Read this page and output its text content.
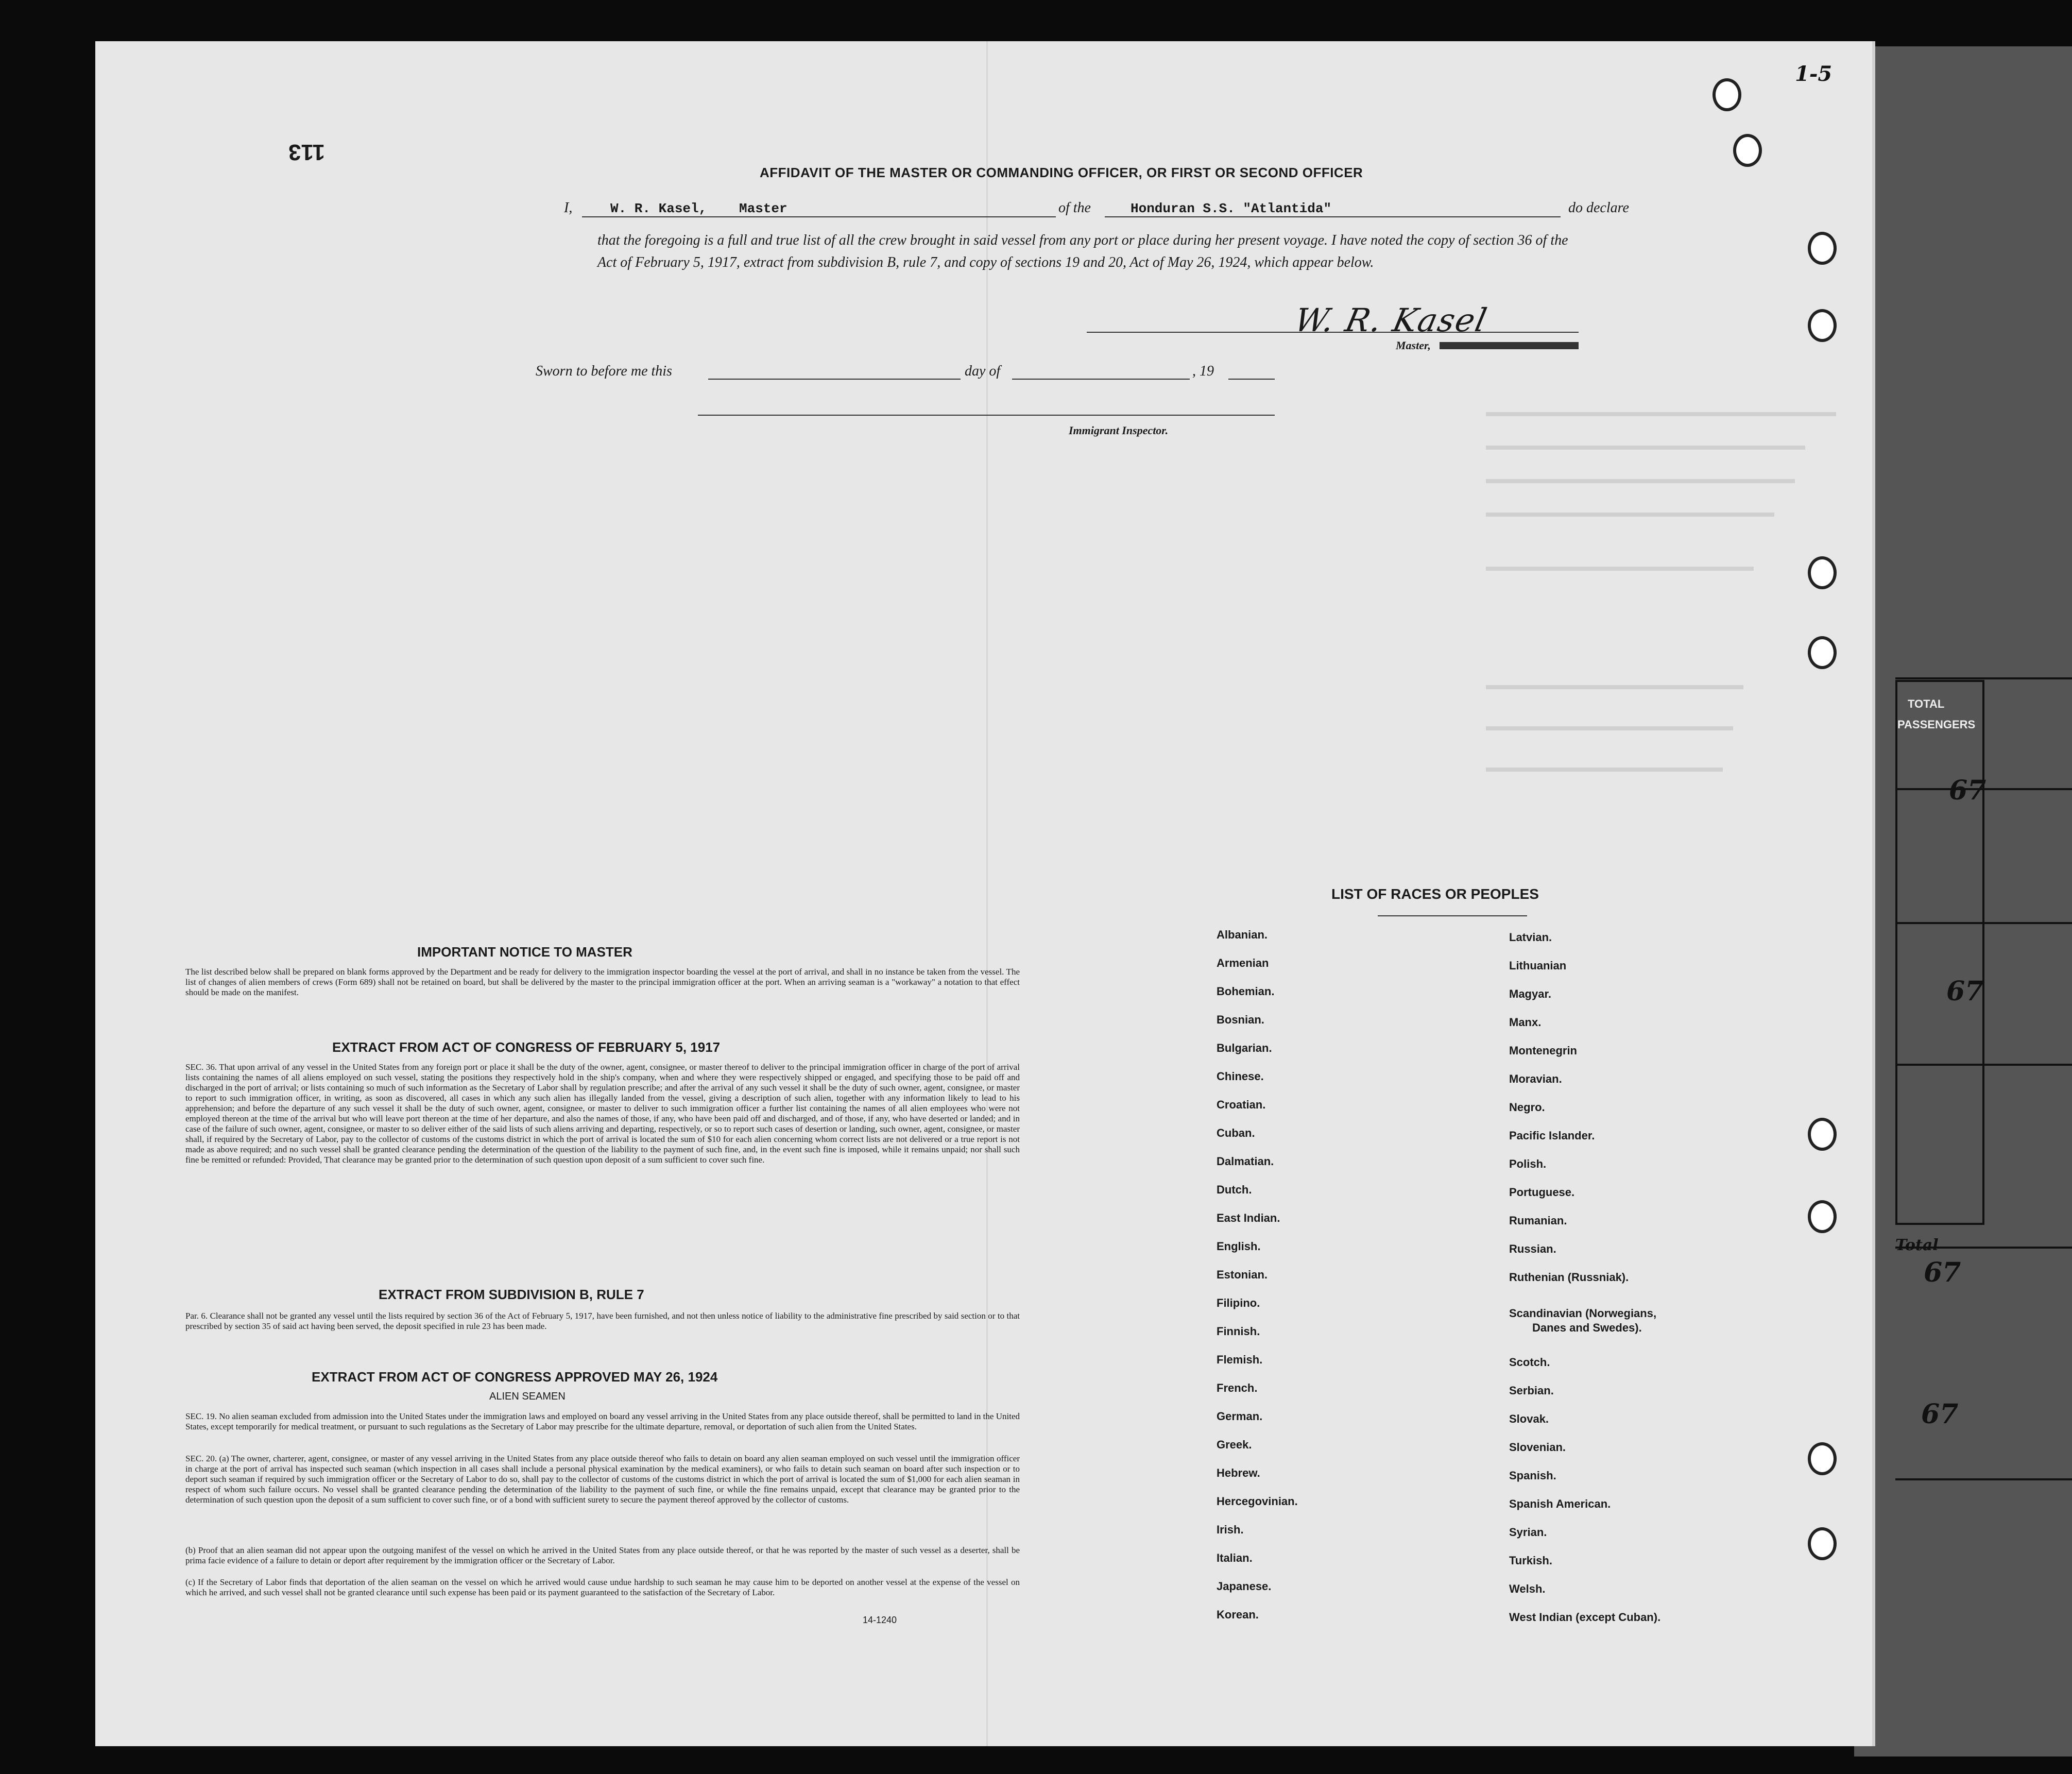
TOTAL
PASSENGERS
67
67
Total
67
67
1-5
113
AFFIDAVIT OF THE MASTER OR COMMANDING OFFICER, OR FIRST OR SECOND OFFICER
I,	W. R. Kasel, Master	of the	Honduran S.S. "Atlantida"	do declare
that the foregoing is a full and true list of all the crew brought in said vessel from any port or place during her present voyage. I have noted the copy of section 36 of the Act of February 5, 1917, extract from subdivision B, rule 7, and copy of sections 19 and 20, Act of May 26, 1924, which appear below.
W. R. Kasel
Master,
Sworn to before me this	day of	, 19
Immigrant Inspector.
IMPORTANT NOTICE TO MASTER
The list described below shall be prepared on blank forms approved by the Department and be ready for delivery to the immigration inspector boarding the vessel at the port of arrival, and shall in no instance be taken from the vessel. The list of changes of alien members of crews (Form 689) shall not be retained on board, but shall be delivered by the master to the principal immigration officer at the port. When an arriving seaman is a "workaway" a notation to that effect should be made on the manifest.
EXTRACT FROM ACT OF CONGRESS OF FEBRUARY 5, 1917
SEC. 36. That upon arrival of any vessel in the United States from any foreign port or place it shall be the duty of the owner, agent, consignee, or master thereof to deliver to the principal immigration officer in charge of the port of arrival lists containing the names of all aliens employed on such vessel, stating the positions they respectively hold in the ship's company, when and where they were respectively shipped or engaged, and specifying those to be paid off and discharged in the port of arrival; or lists containing so much of such information as the Secretary of Labor shall by regulation prescribe; and after the arrival of any such vessel it shall be the duty of such owner, agent, consignee, or master to report to such immigration officer, in writing, as soon as discovered, all cases in which any such alien has illegally landed from the vessel, giving a description of such alien, together with any information likely to lead to his apprehension; and before the departure of any such vessel it shall be the duty of such owner, agent, consignee, or master to deliver to such immigration officer a further list containing the names of all alien employees who were not employed thereon at the time of the arrival but who will leave port thereon at the time of her departure, and also the names of those, if any, who have been paid off and discharged, and of those, if any, who have deserted or landed; and in case of the failure of such owner, agent, consignee, or master to so deliver either of the said lists of such aliens arriving and departing, respectively, or so to report such cases of desertion or landing, such owner, agent, consignee, or master shall, if required by the Secretary of Labor, pay to the collector of customs of the customs district in which the port of arrival is located the sum of $10 for each alien concerning whom correct lists are not delivered or a true report is not made as above required; and no such vessel shall be granted clearance pending the determination of the question of the liability to the payment of such fine, and, in the event such fine is imposed, while it remains unpaid; nor shall such fine be remitted or refunded: Provided, That clearance may be granted prior to the determination of such question upon deposit of a sum sufficient to cover such fine.
EXTRACT FROM SUBDIVISION B, RULE 7
Par. 6. Clearance shall not be granted any vessel until the lists required by section 36 of the Act of February 5, 1917, have been furnished, and not then unless notice of liability to the administrative fine prescribed by said section or to that prescribed by section 35 of said act having been served, the deposit specified in rule 23 has been made.
EXTRACT FROM ACT OF CONGRESS APPROVED MAY 26, 1924
ALIEN SEAMEN
SEC. 19. No alien seaman excluded from admission into the United States under the immigration laws and employed on board any vessel arriving in the United States from any place outside thereof, shall be permitted to land in the United States, except temporarily for medical treatment, or pursuant to such regulations as the Secretary of Labor may prescribe for the ultimate departure, removal, or deportation of such alien from the United States.
SEC. 20. (a) The owner, charterer, agent, consignee, or master of any vessel arriving in the United States from any place outside thereof who fails to detain on board any alien seaman employed on such vessel until the immigration officer in charge at the port of arrival has inspected such seaman (which inspection in all cases shall include a personal physical examination by the medical examiners), or who fails to detain such seaman on board after such inspection or to deport such seaman if required by such immigration officer or the Secretary of Labor to do so, shall pay to the collector of customs of the customs district in which the port of arrival is located the sum of $1,000 for each alien seaman in respect of whom such failure occurs. No vessel shall be granted clearance pending the determination of the liability to the payment of such fine, or while the fine remains unpaid, except that clearance may be granted prior to the determination of such question upon the deposit of a sum sufficient to cover such fine, or of a bond with sufficient surety to secure the payment thereof approved by the collector of customs.
(b) Proof that an alien seaman did not appear upon the outgoing manifest of the vessel on which he arrived in the United States from any place outside thereof, or that he was reported by the master of such vessel as a deserter, shall be prima facie evidence of a failure to detain or deport after requirement by the immigration officer or the Secretary of Labor.
(c) If the Secretary of Labor finds that deportation of the alien seaman on the vessel on which he arrived would cause undue hardship to such seaman he may cause him to be deported on another vessel at the expense of the vessel on which he arrived, and such vessel shall not be granted clearance until such expense has been paid or its payment guaranteed to the satisfaction of the Secretary of Labor.
14-1240
LIST OF RACES OR PEOPLES
Albanian.
Armenian
Bohemian.
Bosnian.
Bulgarian.
Chinese.
Croatian.
Cuban.
Dalmatian.
Dutch.
East Indian.
English.
Estonian.
Filipino.
Finnish.
Flemish.
French.
German.
Greek.
Hebrew.
Hercegovinian.
Irish.
Italian.
Japanese.
Korean.
Latvian.
Lithuanian
Magyar.
Manx.
Montenegrin
Moravian.
Negro.
Pacific Islander.
Polish.
Portuguese.
Rumanian.
Russian.
Ruthenian (Russniak).
Scandinavian (Norwegians,
Danes and Swedes).
Scotch.
Serbian.
Slovak.
Slovenian.
Spanish.
Spanish American.
Syrian.
Turkish.
Welsh.
West Indian (except Cuban).
